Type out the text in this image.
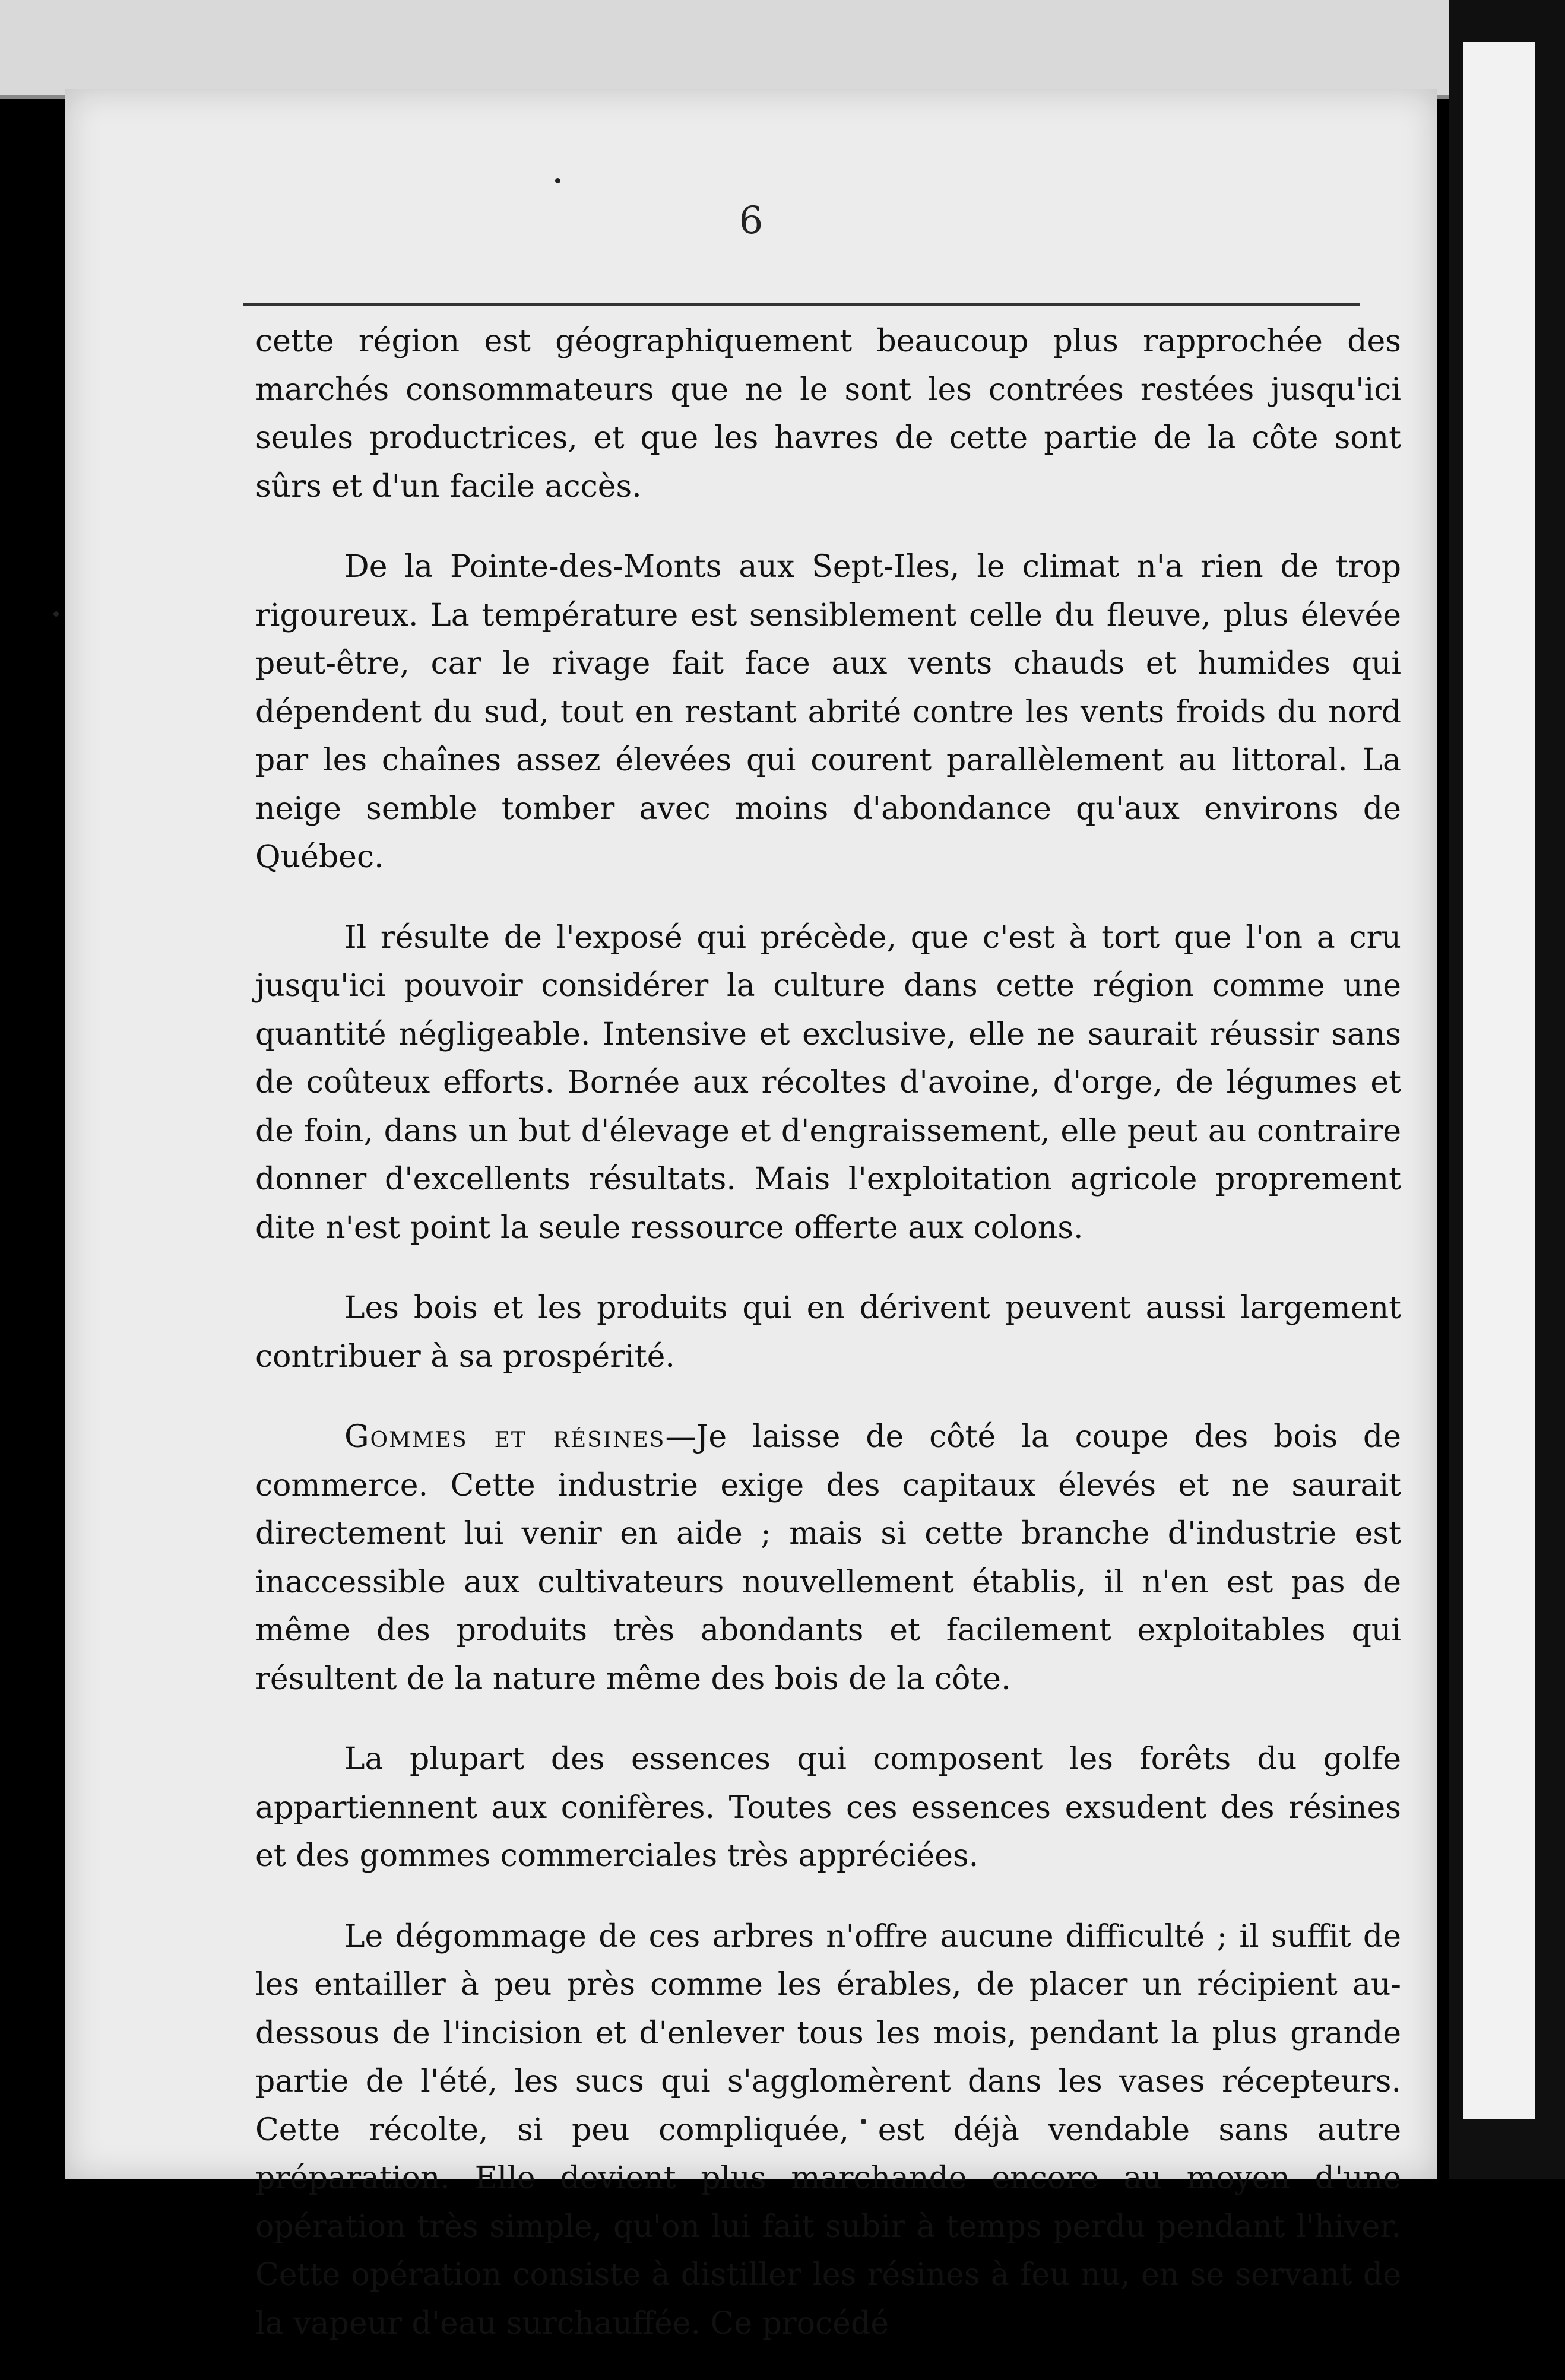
6

cette région est géographiquement beaucoup plus rapprochée des marchés consommateurs que ne le sont les contrées restées jusqu'ici seules productrices, et que les havres de cette partie de la côte sont sûrs et d'un facile accès.

De la Pointe-des-Monts aux Sept-Iles, le climat n'a rien de trop rigoureux. La température est sensiblement celle du fleuve, plus élevée peut-être, car le rivage fait face aux vents chauds et humides qui dépendent du sud, tout en restant abrité contre les vents froids du nord par les chaînes assez élevées qui courent parallèlement au littoral. La neige semble tomber avec moins d'abondance qu'aux environs de Québec.

Il résulte de l'exposé qui précède, que c'est à tort que l'on a cru jusqu'ici pouvoir considérer la culture dans cette région comme une quantité négligeable. Intensive et exclusive, elle ne saurait réussir sans de coûteux efforts. Bornée aux récoltes d'avoine, d'orge, de légumes et de foin, dans un but d'élevage et d'engraissement, elle peut au contraire donner d'excellents résultats. Mais l'exploitation agricole proprement dite n'est point la seule ressource offerte aux colons.

Les bois et les produits qui en dérivent peuvent aussi largement contribuer à sa prospérité.

Gommes et résines—Je laisse de côté la coupe des bois de commerce. Cette industrie exige des capitaux élevés et ne saurait directement lui venir en aide ; mais si cette branche d'industrie est inaccessible aux cultivateurs nouvellement établis, il n'en est pas de même des produits très abondants et facilement exploitables qui résultent de la nature même des bois de la côte.

La plupart des essences qui composent les forêts du golfe appartiennent aux conifères. Toutes ces essences exsudent des résines et des gommes commerciales très appréciées.

Le dégommage de ces arbres n'offre aucune difficulté ; il suffit de les entailler à peu près comme les érables, de placer un récipient au-dessous de l'incision et d'enlever tous les mois, pendant la plus grande partie de l'été, les sucs qui s'agglomèrent dans les vases récepteurs. Cette récolte, si peu compliquée, est déjà vendable sans autre préparation. Elle devient plus marchande encore au moyen d'une opération très simple, qu'on lui fait subir à temps perdu pendant l'hiver. Cette opération consiste à distiller les résines à feu nu, en se servant de la vapeur d'eau surchauffée. Ce procédé
